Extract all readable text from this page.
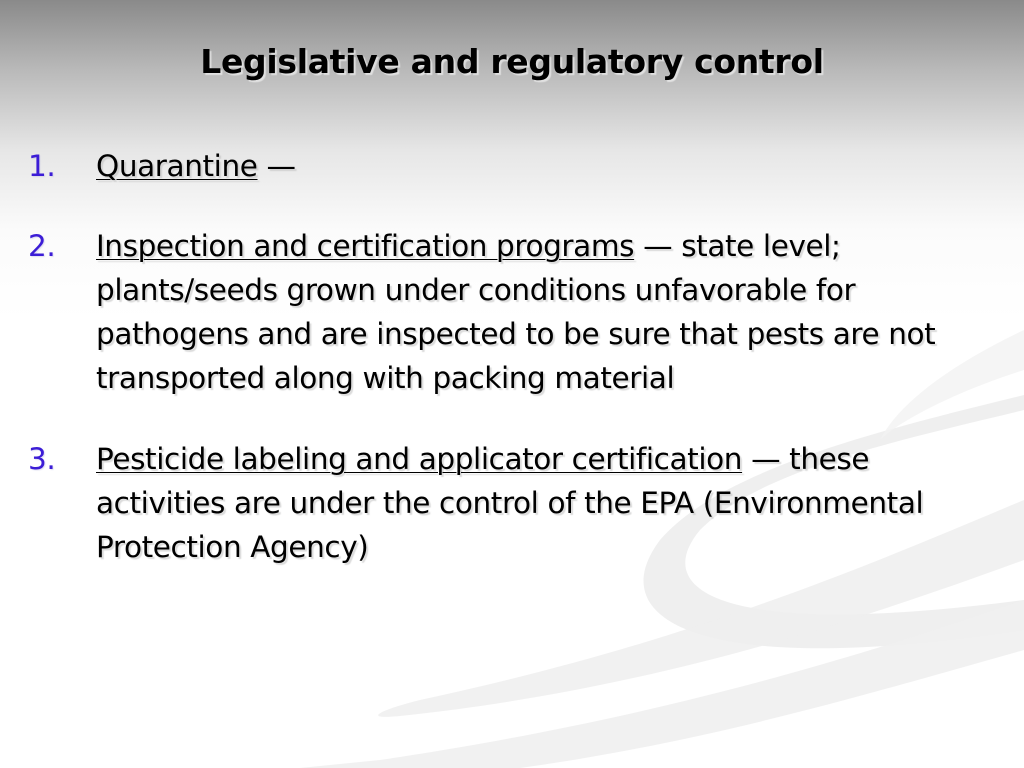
Legislative and regulatory control
1. Quarantine —
2. Inspection and certification programs — state level; plants/seeds grown under conditions unfavorable for pathogens and are inspected to be sure that pests are not transported along with packing material
3. Pesticide labeling and applicator certification — these activities are under the control of the EPA (Environmental Protection Agency)
